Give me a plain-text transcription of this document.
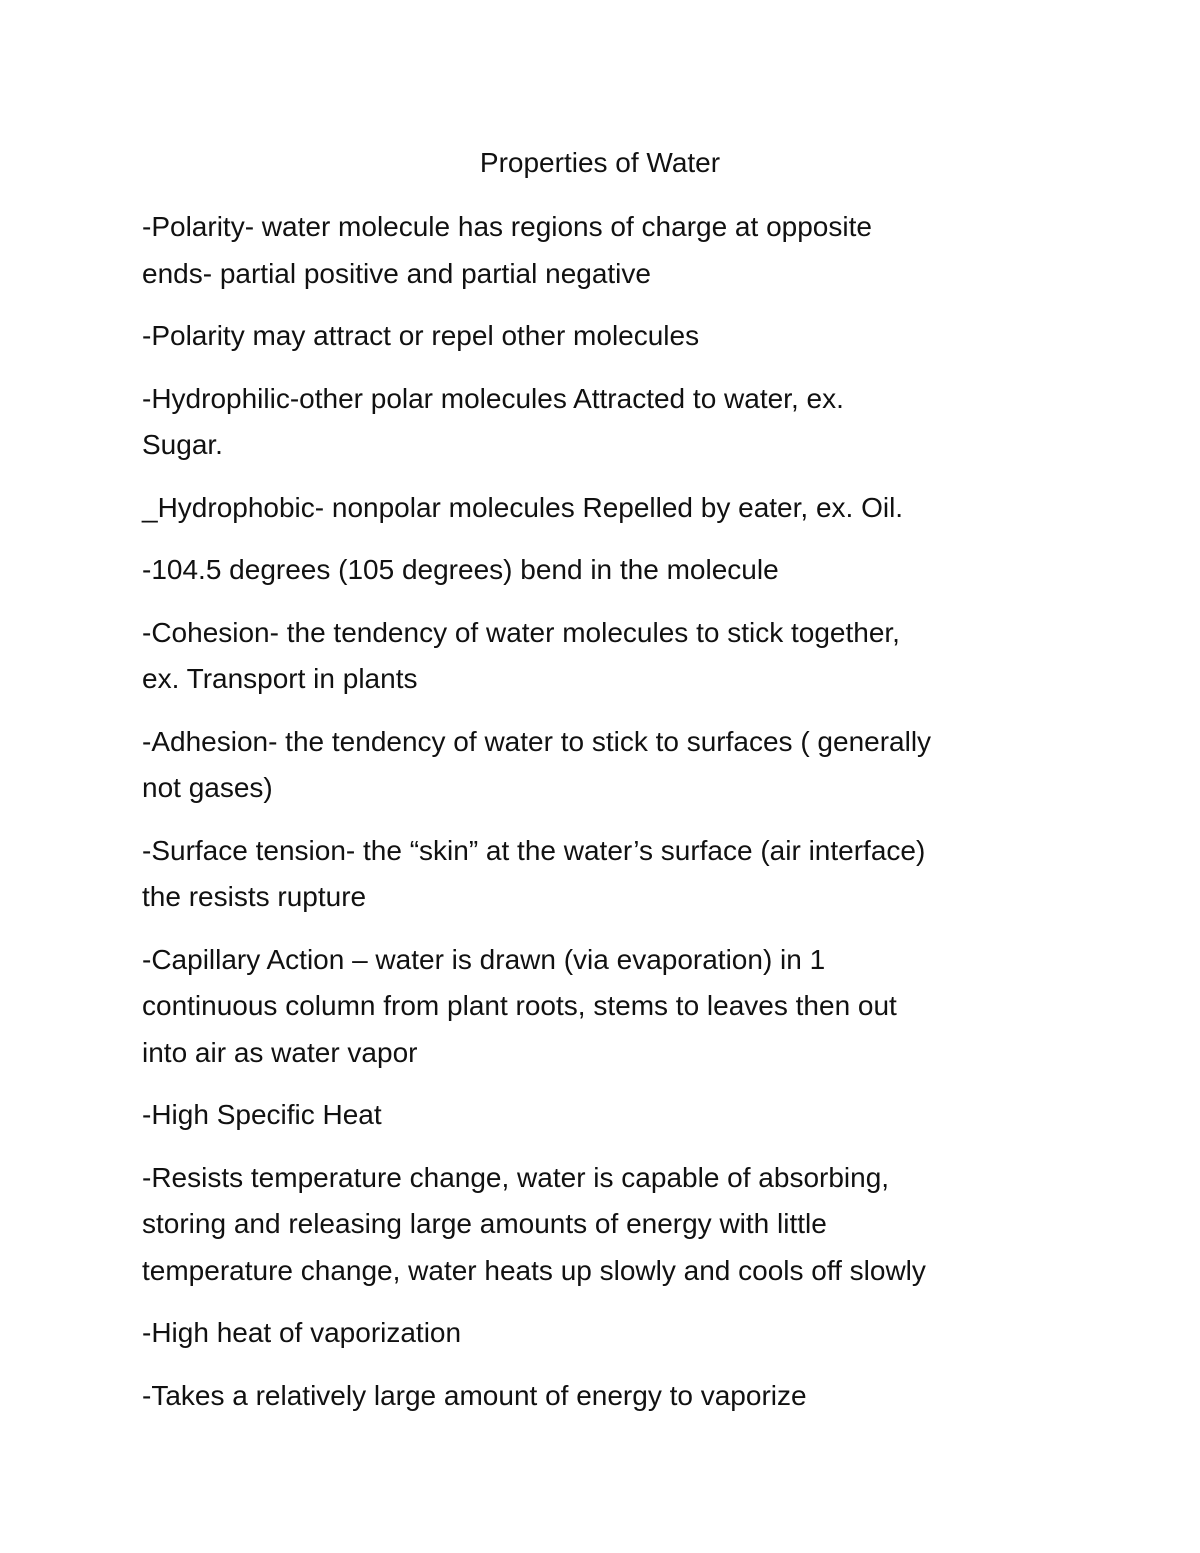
Properties of Water

-Polarity- water molecule has regions of charge at opposite
ends- partial positive and partial negative

-Polarity may attract or repel other molecules

-Hydrophilic-other polar molecules Attracted to water, ex.
Sugar.

_Hydrophobic- nonpolar molecules Repelled by eater, ex. Oil.

-104.5 degrees (105 degrees) bend in the molecule

-Cohesion- the tendency of water molecules to stick together,
ex. Transport in plants

-Adhesion- the tendency of water to stick to surfaces ( generally
not gases)

-Surface tension- the “skin” at the water’s surface (air interface)
the resists rupture

-Capillary Action – water is drawn (via evaporation) in 1
continuous column from plant roots, stems to leaves then out
into air as water vapor

-High Specific Heat

-Resists temperature change, water is capable of absorbing,
storing and releasing large amounts of energy with little
temperature change, water heats up slowly and cools off slowly

-High heat of vaporization

-Takes a relatively large amount of energy to vaporize
